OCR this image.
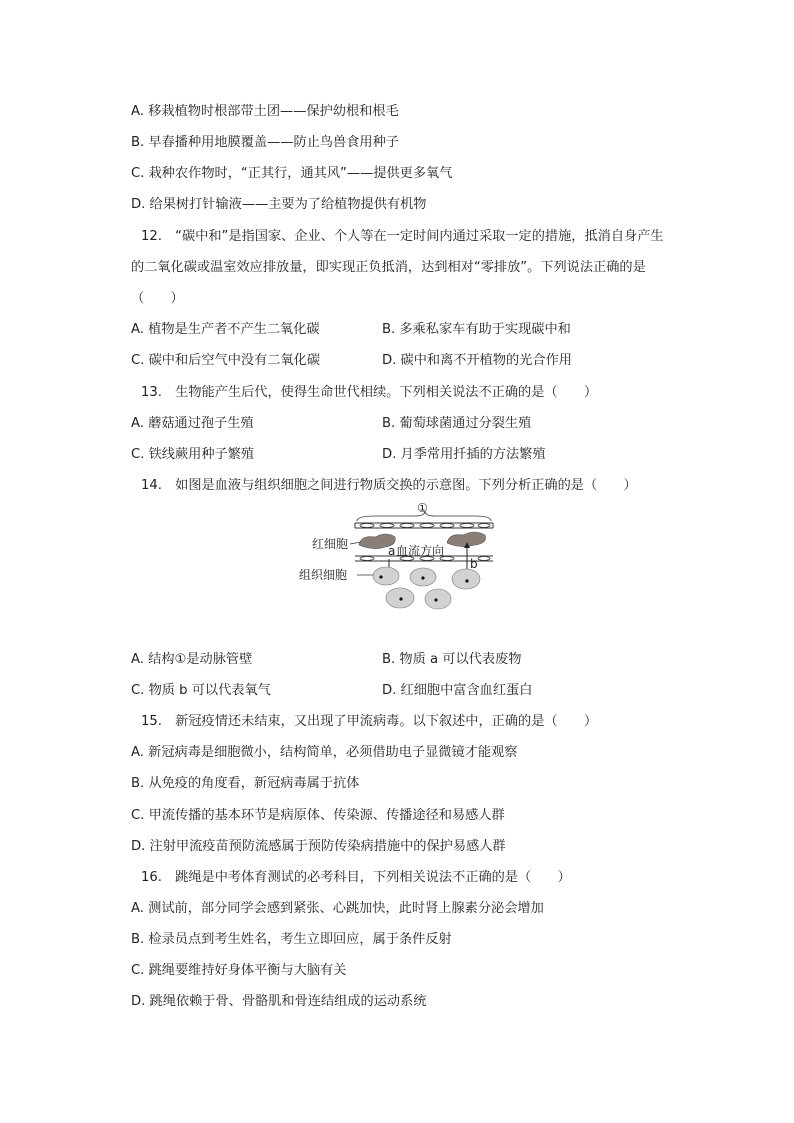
A. 移栽植物时根部带土团——保护幼根和根毛
B. 早春播种用地膜覆盖——防止鸟兽食用种子
C. 栽种农作物时，“正其行，通其风”——提供更多氧气
D. 给果树打针输液——主要为了给植物提供有机物
12.　“碳中和”是指国家、企业、个人等在一定时间内通过采取一定的措施，抵消自身产生
的二氧化碳或温室效应排放量，即实现正负抵消，达到相对“零排放”。下列说法正确的是
（　　）
A. 植物是生产者不产生二氧化碳	B. 多乘私家车有助于实现碳中和
C. 碳中和后空气中没有二氧化碳	D. 碳中和离不开植物的光合作用
13.　生物能产生后代，使得生命世代相续。下列相关说法不正确的是（　　）
A. 蘑菇通过孢子生殖	B. 葡萄球菌通过分裂生殖
C. 铁线蕨用种子繁殖	D. 月季常用扦插的方法繁殖
14.　如图是血液与组织细胞之间进行物质交换的示意图。下列分析正确的是（　　）
①
红细胞	a 血流方向
b
组织细胞
A. 结构①是动脉管壁	B. 物质 a 可以代表废物
C. 物质 b 可以代表氧气	D. 红细胞中富含血红蛋白
15.　新冠疫情还未结束，又出现了甲流病毒。以下叙述中，正确的是（　　）
A. 新冠病毒是细胞微小，结构简单，必须借助电子显微镜才能观察
B. 从免疫的角度看，新冠病毒属于抗体
C. 甲流传播的基本环节是病原体、传染源、传播途径和易感人群
D. 注射甲流疫苗预防流感属于预防传染病措施中的保护易感人群
16.　跳绳是中考体育测试的必考科目，下列相关说法不正确的是（　　）
A. 测试前，部分同学会感到紧张、心跳加快，此时肾上腺素分泌会增加
B. 检录员点到考生姓名，考生立即回应，属于条件反射
C. 跳绳要维持好身体平衡与大脑有关
D. 跳绳依赖于骨、骨骼肌和骨连结组成的运动系统
